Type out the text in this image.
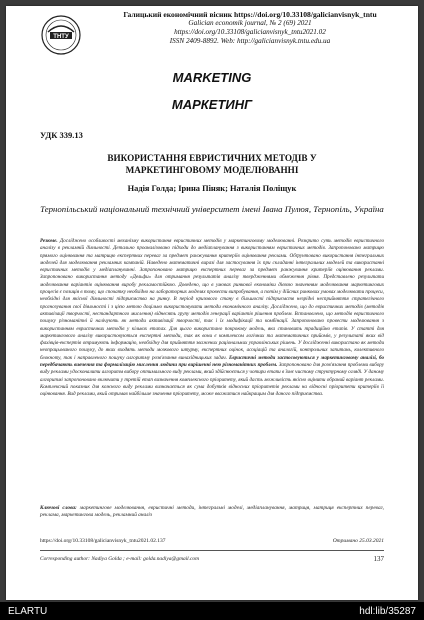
ТНТУ
Галицький економічний вісник https://doi.org/10.33108/galicianvisnyk_tntu
Galician economik journal, № 2 (69) 2021
https://doi.org/10.33108/galicianvisnyk_tntu2021.02
ISSN 2409-8892. Web: http://galicianvisnyk.tntu.edu.ua
MARKETING
МАРКЕТИНГ
УДК 339.13
ВИКОРИСТАННЯ ЕВРИСТИЧНИХ МЕТОДІВ У МАРКЕТИНГОВОМУ МОДЕЛЮВАННІ
Надія Голда; Ірина Піняк; Наталія Поліщук
Тернопільський національний технічний університет імені Івана Пулюя, Тернопіль, Україна
Резюме. Досліджено особливості механізму використання евристичних методів у маркетинговому моделюванні. Розкрито суть методів евристичного аналізу в рекламній діяльності. Детально проаналізовано підходи до медіапланування з використанням евристичних методів. Запропоновано матрицю прямого оцінювання та матрицю експертних переваг за предмет ранжування критеріїв оцінювання реклами. Обґрунтовано використання інтегральних моделей для моделювання рекламних кампаній. Наведено математичні виразі для застосування їх при складанні інтегральних моделей та використанні евристичних методів у медіаплануванні. Запропоновано матрицю експертних переваг за предмет ранжування критеріїв оцінювання реклами. Запропоновано використання методу «Дельфи» для отримання результатів аналізу твердженнями обмеження рівня. Представлено результати моделювання варіантів оцінювання виробу рекламостійкою. Доведено, що в умовах ринкової економіки дієвою значенням моделювання маркетингових процесів є позиція в тому, що спочатку необхідно на лабораторних моделях провести випробування, а потім у дійсних ринкових умовах моделювати процеси, необхідні для якісної діяльності підприємства на ринку. В період кризового стану в більшості підприємств незрідні несприйняття стратегічного прогнозування свої діяльності і з цією метою доцільно використовувати методи економічного аналізу. Досліджено, що до евристичних методів (методів активізації творчості, нестандартного мислення) віднесять групу методів генерації варіантів рішення проблем. Встановлено, що методів евристичного пошуку різноманітні й налічують як методи активізації творчості, так і їх модифікації та комбінації. Запропоновано провести моделювання з використанням евристичних методів у кількох етапах. Для цього використано покрокову модель, яка становить традиційно етапів. У статті для маркетингового аналізу використовуються експертні методи, так як вони є комплексом логічних та математичних прийомів, у результаті яких від фахівців-експертів отримують інформацію, необхідну для прийняття зважених раціональних управлінських рішень. У дослідженні використано як методи неопрацьованого пошуку, до яких входять методи мозкового штурму, експертних оцінок, асоціацій та аналогій, контрольних запитань, колективного блокноту, так і направленого пошуку алгоритму розв'язання винахідницьких задач. Евристичні методи застосовуються у маркетинговому аналізі, бо передбачають вивчення та формалізацію мислення людини при вирішенні нею різноманітних проблем. Запропоновано для розв'язання проблеми вибору виду реклами удосконалити алгоритм вибору оптимального виду реклами, який здійснюється у чотири етапи в їхнє чистому структурному огляді. У даному алгоритмі запропоновано включити у третій етап визначення комплексного пріоритету, який дасть можливість якісно оцінити обраний варіант реклами. Комплексний показник для кожного виду реклами визначається як сума добутків відносних пріоритетів реклами на відносні пріоритети критеріїв її оцінювання. Вид реклами, який отримав найбільше значення пріоритету, може вважатися найкращим для даного підприємства.
Ключові слова: маркетингове моделювання, евристичні методи, інтегральні моделі, медіапланування, матриця, матриця експертних переваг, реклама, маркетингова модель, рекламний аналіз
https://doi.org/10.33108/galicianvisnyk_tntu2021.02.137	Отримано 25.03.2021
Corresponding author: Nadiya Golda ; e-mail: golda.nadiya@gmail.com	137
ELARTU	hdl:lib/35287
